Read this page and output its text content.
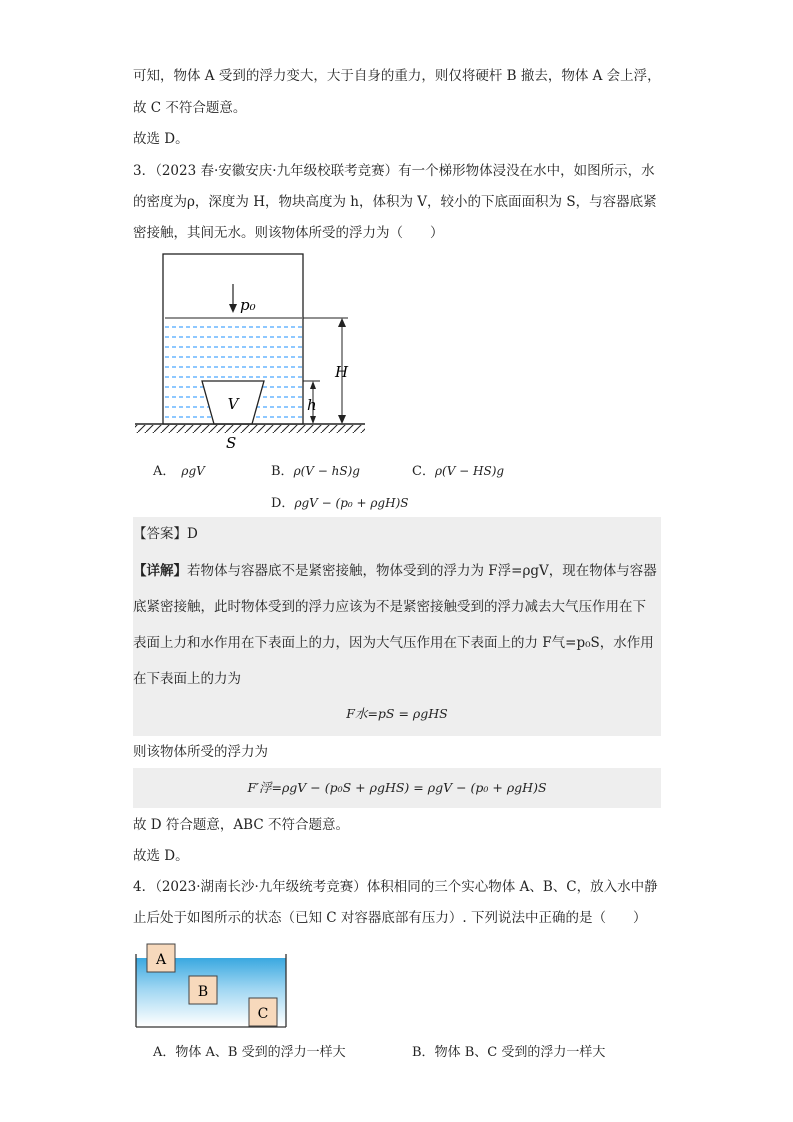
可知，物体 A 受到的浮力变大，大于自身的重力，则仅将硬杆 B 撤去，物体 A 会上浮，
故 C 不符合题意。
故选 D。
3．（2023 春·安徽安庆·九年级校联考竞赛）有一个梯形物体浸没在水中，如图所示，水
的密度为ρ，深度为 H，物块高度为 h，体积为 V，较小的下底面面积为 S，与容器底紧
密接触，其间无水。则该物体所受的浮力为（　　）
V
p₀
H
h
S
A． ρgV	B．ρ(V − hS)g	C．ρ(V − HS)g
D．ρgV − (p₀ + ρgH)S
【答案】D
【详解】若物体与容器底不是紧密接触，物体受到的浮力为 F浮=ρgV，现在物体与容器
底紧密接触，此时物体受到的浮力应该为不是紧密接触受到的浮力减去大气压作用在下
表面上力和水作用在下表面上的力，因为大气压作用在下表面上的力 F气=p₀S，水作用
在下表面上的力为
F水=pS = ρgHS
则该物体所受的浮力为
F′浮=ρgV − (p₀S + ρgHS) = ρgV − (p₀ + ρgH)S
故 D 符合题意，ABC 不符合题意。
故选 D。
4．（2023·湖南长沙·九年级统考竞赛）体积相同的三个实心物体 A、B、C，放入水中静
止后处于如图所示的状态（已知 C 对容器底部有压力）. 下列说法中正确的是（　　）
A
B
C
A．物体 A、B 受到的浮力一样大	B．物体 B、C 受到的浮力一样大
